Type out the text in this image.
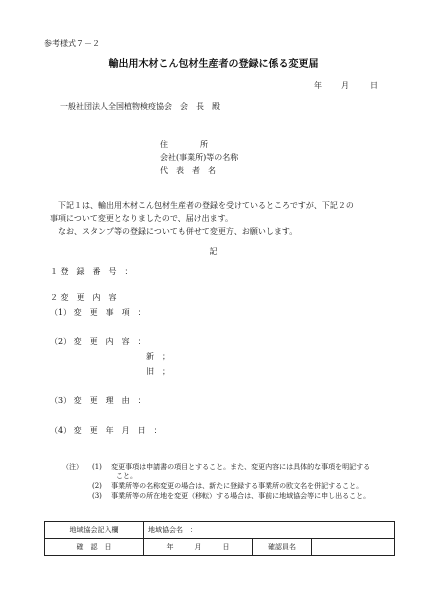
参考様式７－２
輸出用木材こん包材生産者の登録に係る変更届
年 月	日
一般社団法人全国植物検疫協会　会　長　殿
住　　　　所
会社(事業所)等の名称
代　表　者　名
　下記１は、輸出用木材こん包材生産者の登録を受けているところですが、下記２の
事項について変更となりましたので、届け出ます。
　なお、スタンプ等の登録についても併せて変更方、お願いします。
記
１ 登　録　番　号　：
２ 変　更　内　容
（1） 変　更　事　項　：
（2） 変　更　内　容　：
新　；
旧　；
（3） 変　更　理　由　：
（4） 変　更　年　月　日　：
（注） (1)　 変更事項は申請書の項目とすること。また、変更内容には具体的な事項を明記する
こと。
(2)　 事業所等の名称変更の場合は、新たに登録する事業所の欧文名を併記すること。
(3)　 事業所等の所在地を変更（移転）する場合は、事前に地域協会等に申し出ること。
地域協会記入欄	地域協会名　：		
確　認　日	年　　　月　　　日	確認員名	
